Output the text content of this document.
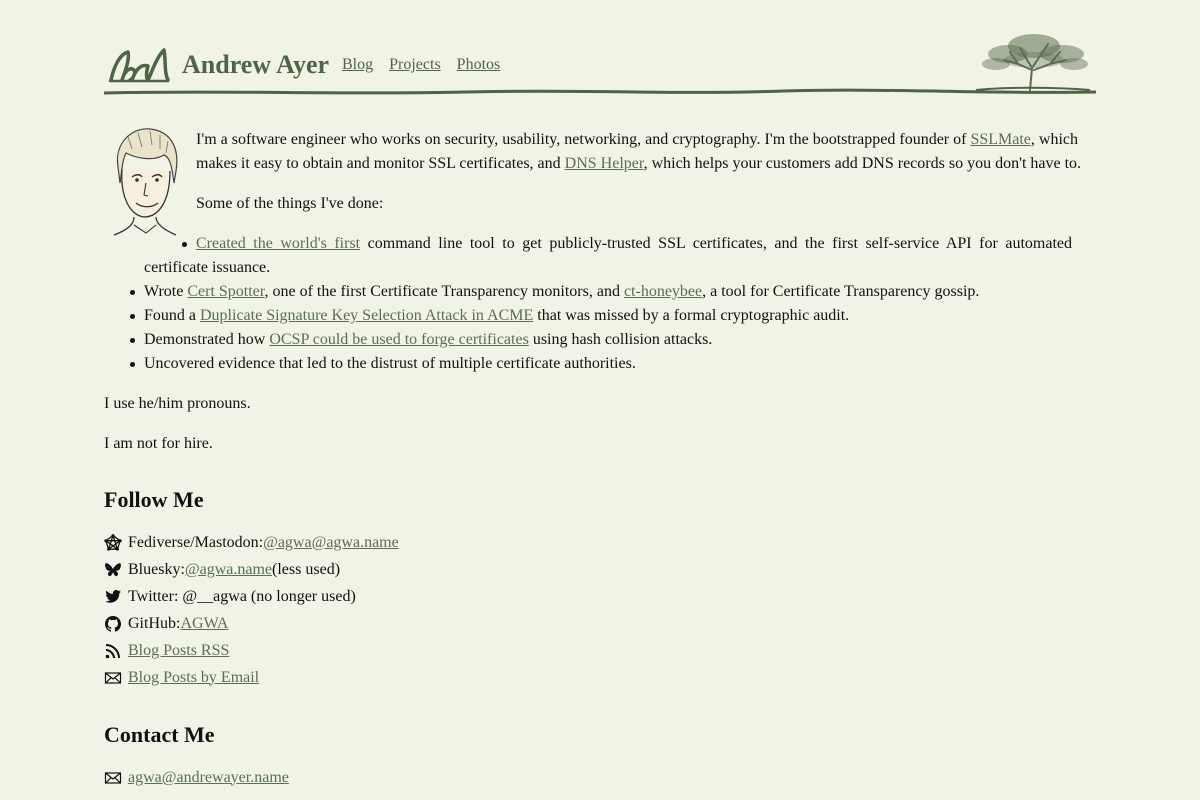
Andrew Ayer Blog Projects Photos

I'm a software engineer who works on security, usability, networking, and cryptography. I'm the bootstrapped founder of SSLMate, which makes it easy to obtain and monitor SSL certificates, and DNS Helper, which helps your customers add DNS records so you don't have to.

Some of the things I've done:

Created the world's first command line tool to get publicly-trusted SSL certificates, and the first self-service API for automated certificate issuance.
Wrote Cert Spotter, one of the first Certificate Transparency monitors, and ct-honeybee, a tool for Certificate Transparency gossip.
Found a Duplicate Signature Key Selection Attack in ACME that was missed by a formal cryptographic audit.
Demonstrated how OCSP could be used to forge certificates using hash collision attacks.
Uncovered evidence that led to the distrust of multiple certificate authorities.

I use he/him pronouns.

I am not for hire.

Follow Me
Fediverse/Mastodon: @agwa@agwa.name
Bluesky: @agwa.name (less used)
Twitter: @__agwa (no longer used)
GitHub: AGWA
Blog Posts RSS
Blog Posts by Email
Contact Me
agwa@andrewayer.name
